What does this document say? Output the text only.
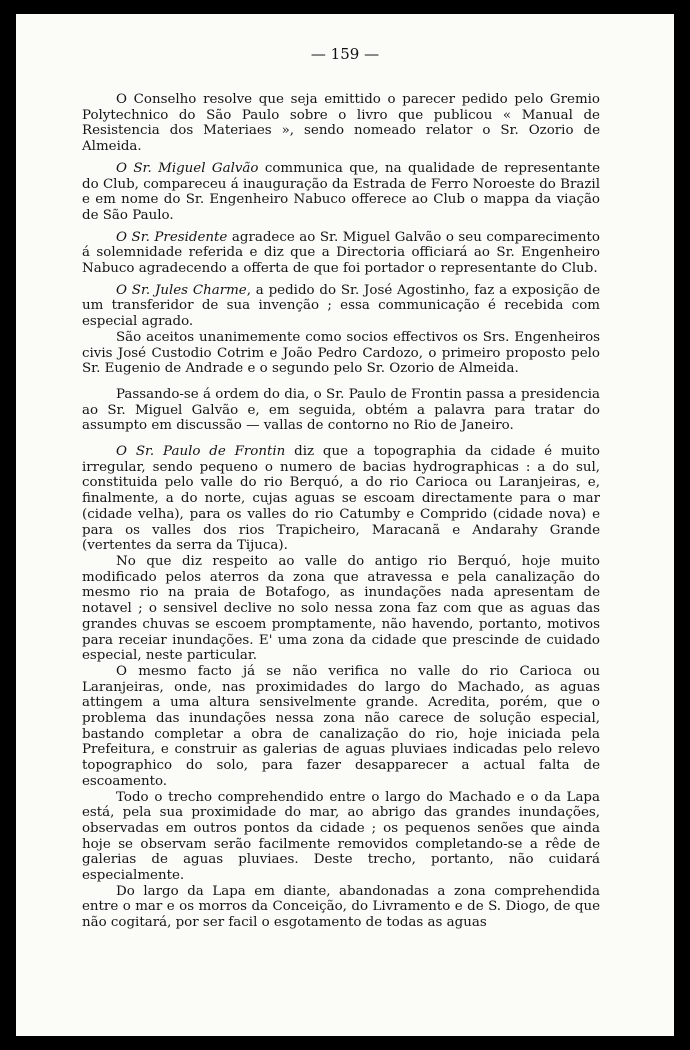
— 159 —

O Conselho resolve que seja emittido o parecer pedido pelo Gremio Polytechnico do São Paulo sobre o livro que publicou « Manual de Resistencia dos Materiaes », sendo nomeado relator o Sr. Ozorio de Almeida.

O Sr. Miguel Galvão communica que, na qualidade de representante do Club, compareceu á inauguração da Estrada de Ferro Noroeste do Brazil e em nome do Sr. Engenheiro Nabuco offerece ao Club o mappa da viação de São Paulo.

O Sr. Presidente agradece ao Sr. Miguel Galvão o seu comparecimento á solemnidade referida e diz que a Directoria officiará ao Sr. Engenheiro Nabuco agradecendo a offerta de que foi portador o representante do Club.

O Sr. Jules Charme, a pedido do Sr. José Agostinho, faz a exposição de um transferidor de sua invenção ; essa communicação é recebida com especial agrado.

São aceitos unanimemente como socios effectivos os Srs. Engenheiros civis José Custodio Cotrim e João Pedro Cardozo, o primeiro proposto pelo Sr. Eugenio de Andrade e o segundo pelo Sr. Ozorio de Almeida.

Passando-se á ordem do dia, o Sr. Paulo de Frontin passa a presidencia ao Sr. Miguel Galvão e, em seguida, obtém a palavra para tratar do assumpto em discussão — vallas de contorno no Rio de Janeiro.

O Sr. Paulo de Frontin diz que a topographia da cidade é muito irregular, sendo pequeno o numero de bacias hydrographicas : a do sul, constituida pelo valle do rio Berquó, a do rio Carioca ou Laranjeiras, e, finalmente, a do norte, cujas aguas se escoam directamente para o mar (cidade velha), para os valles do rio Catumby e Comprido (cidade nova) e para os valles dos rios Trapicheiro, Maracanã e Andarahy Grande (vertentes da serra da Tijuca).

No que diz respeito ao valle do antigo rio Berquó, hoje muito modificado pelos aterros da zona que atravessa e pela canalização do mesmo rio na praia de Botafogo, as inundações nada apresentam de notavel ; o sensivel declive no solo nessa zona faz com que as aguas das grandes chuvas se escoem promptamente, não havendo, portanto, motivos para receiar inundações. E' uma zona da cidade que prescinde de cuidado especial, neste particular.

O mesmo facto já se não verifica no valle do rio Carioca ou Laranjeiras, onde, nas proximidades do largo do Machado, as aguas attingem a uma altura sensivelmente grande. Acredita, porém, que o problema das inundações nessa zona não carece de solução especial, bastando completar a obra de canalização do rio, hoje iniciada pela Prefeitura, e construir as galerias de aguas pluviaes indicadas pelo relevo topographico do solo, para fazer desapparecer a actual falta de escoamento.

Todo o trecho comprehendido entre o largo do Machado e o da Lapa está, pela sua proximidade do mar, ao abrigo das grandes inundações, observadas em outros pontos da cidade ; os pequenos senões que ainda hoje se observam serão facilmente removidos completando-se a rêde de galerias de aguas pluviaes. Deste trecho, portanto, não cuidará especialmente.

Do largo da Lapa em diante, abandonadas a zona comprehendida entre o mar e os morros da Conceição, do Livramento e de S. Diogo, de que não cogitará, por ser facil o esgotamento de todas as aguas
